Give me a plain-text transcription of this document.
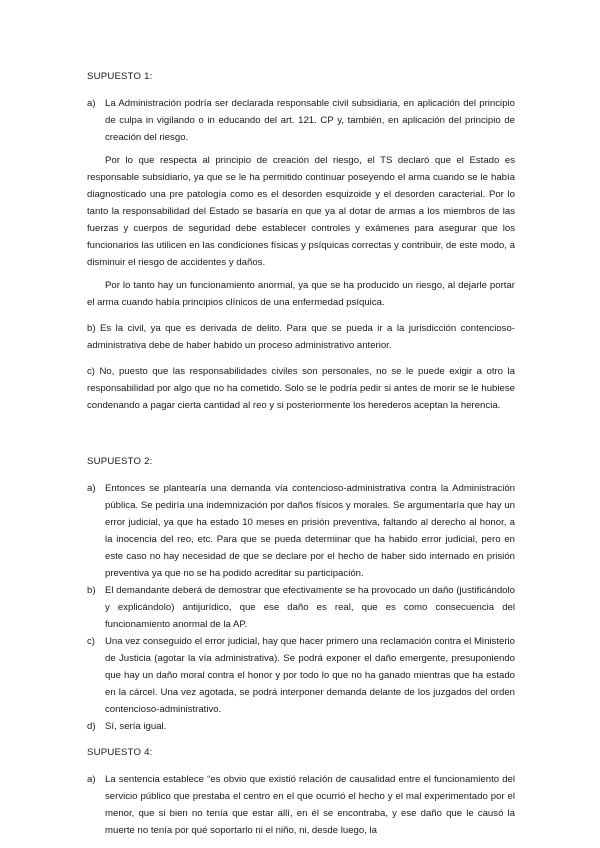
SUPUESTO 1:
a) La Administración podría ser declarada responsable civil subsidiaria, en aplicación del principio de culpa in vigilando o in educando del art. 121. CP y, también, en aplicación del principio de creación del riesgo.

Por lo que respecta al principio de creación del riesgo, el TS declaró que el Estado es responsable subsidiario, ya que se le ha permitido continuar poseyendo el arma cuando se le había diagnosticado una pre patología como es el desorden esquizoide y el desorden caracterial. Por lo tanto la responsabilidad del Estado se basaría en que ya al dotar de armas a los miembros de las fuerzas y cuerpos de seguridad debe establecer controles y exámenes para asegurar que los funcionarios las utilicen en las condiciones físicas y psíquicas correctas y contribuir, de este modo, a disminuir el riesgo de accidentes y daños.

Por lo tanto hay un funcionamiento anormal, ya que se ha producido un riesgo, al dejarle portar el arma cuando había principios clínicos de una enfermedad psíquica.

b) Es la civil, ya que es derivada de delito. Para que se pueda ir a la jurisdicción contencioso-administrativa debe de haber habido un proceso administrativo anterior.

c) No, puesto que las responsabilidades civiles son personales, no se le puede exigir a otro la responsabilidad por algo que no ha cometido. Solo se le podría pedir si antes de morir se le hubiese condenando a pagar cierta cantidad al reo y si posteriormente los herederos aceptan la herencia.

SUPUESTO 2:
a) Entonces se plantearía una demanda vía contencioso-administrativa contra la Administración pública. Se pediría una indemnización por daños físicos y morales. Se argumentaría que hay un error judicial, ya que ha estado 10 meses en prisión preventiva, faltando al derecho al honor, a la inocencia del reo, etc. Para que se pueda determinar que ha habido error judicial, pero en este caso no hay necesidad de que se declare por el hecho de haber sido internado en prisión preventiva ya que no se ha podido acreditar su participación.
b) El demandante deberá de demostrar que efectivamente se ha provocado un daño (justificándolo y explicándolo) antijurídico, que ese daño es real, que es como consecuencia del funcionamiento anormal de la AP.
c)	Una vez conseguido el error judicial, hay que hacer primero una reclamación contra el Ministerio de Justicia (agotar la vía administrativa). Se podrá exponer el daño emergente, presuponiendo que hay un daño moral contra el honor y por todo lo que no ha ganado mientras que ha estado en la cárcel. Una vez agotada, se podrá interponer demanda delante de los juzgados del orden contencioso-administrativo.
d) Sí, sería igual.
SUPUESTO 4:
a) La sentencia establece “es obvio que existió relación de causalidad entre el funcionamiento del servicio público que prestaba el centro en el que ocurrió el hecho y el mal experimentado por el menor, que si bien no tenía que estar allí, en él se encontraba, y ese daño que le causó la muerte no tenía por qué soportarlo ni el niño, ni, desde luego, la
